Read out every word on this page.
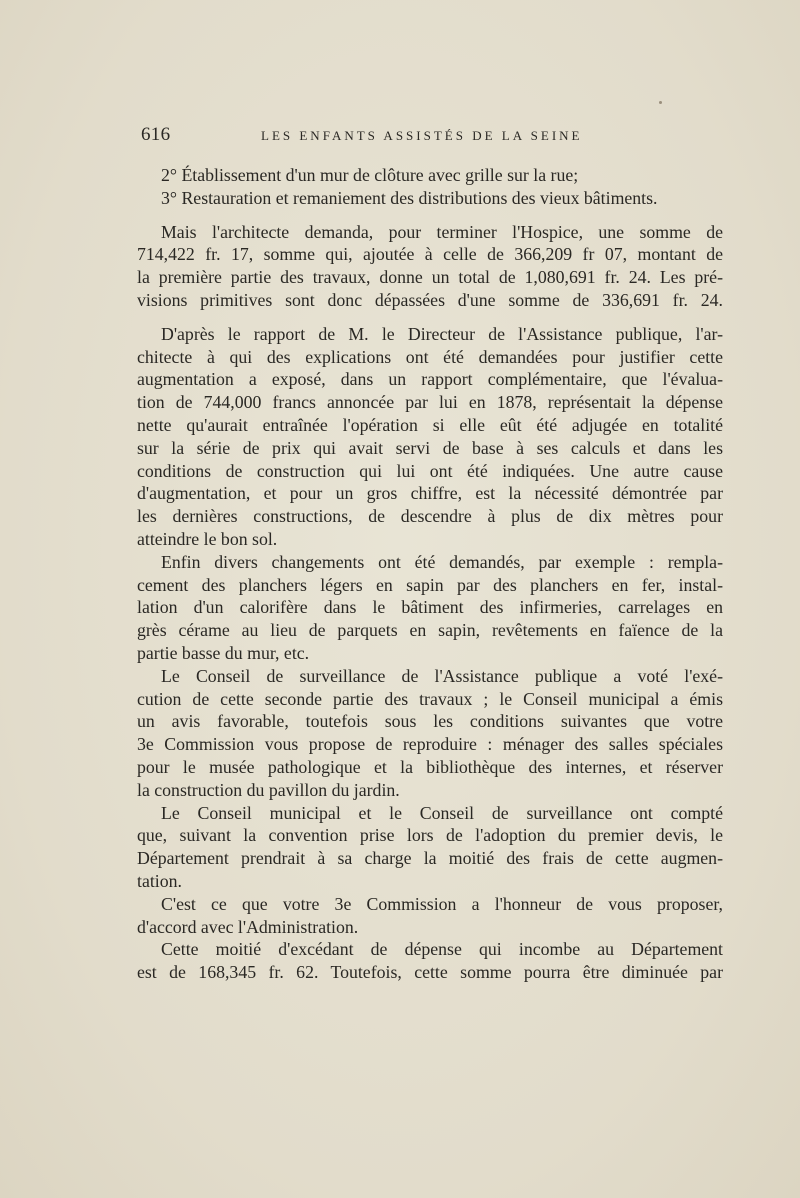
616	LES ENFANTS ASSISTÉS DE LA SEINE
2° Établissement d'un mur de clôture avec grille sur la rue;
3° Restauration et remaniement des distributions des vieux bâtiments.
Mais l'architecte demanda, pour terminer l'Hospice, une somme de
714,422 fr. 17, somme qui, ajoutée à celle de 366,209 fr 07, montant de
la première partie des travaux, donne un total de 1,080,691 fr. 24. Les pré-
visions primitives sont donc dépassées d'une somme de 336,691 fr. 24.
D'après le rapport de M. le Directeur de l'Assistance publique, l'ar-
chitecte à qui des explications ont été demandées pour justifier cette
augmentation a exposé, dans un rapport complémentaire, que l'évalua-
tion de 744,000 francs annoncée par lui en 1878, représentait la dépense
nette qu'aurait entraînée l'opération si elle eût été adjugée en totalité
sur la série de prix qui avait servi de base à ses calculs et dans les
conditions de construction qui lui ont été indiquées. Une autre cause
d'augmentation, et pour un gros chiffre, est la nécessité démontrée par
les dernières constructions, de descendre à plus de dix mètres pour
atteindre le bon sol.
Enfin divers changements ont été demandés, par exemple : rempla-
cement des planchers légers en sapin par des planchers en fer, instal-
lation d'un calorifère dans le bâtiment des infirmeries, carrelages en
grès cérame au lieu de parquets en sapin, revêtements en faïence de la
partie basse du mur, etc.
Le Conseil de surveillance de l'Assistance publique a voté l'exé-
cution de cette seconde partie des travaux ; le Conseil municipal a émis
un avis favorable, toutefois sous les conditions suivantes que votre
3e Commission vous propose de reproduire : ménager des salles spéciales
pour le musée pathologique et la bibliothèque des internes, et réserver
la construction du pavillon du jardin.
Le Conseil municipal et le Conseil de surveillance ont compté
que, suivant la convention prise lors de l'adoption du premier devis, le
Département prendrait à sa charge la moitié des frais de cette augmen-
tation.
C'est ce que votre 3e Commission a l'honneur de vous proposer,
d'accord avec l'Administration.
Cette moitié d'excédant de dépense qui incombe au Département
est de 168,345 fr. 62. Toutefois, cette somme pourra être diminuée par
